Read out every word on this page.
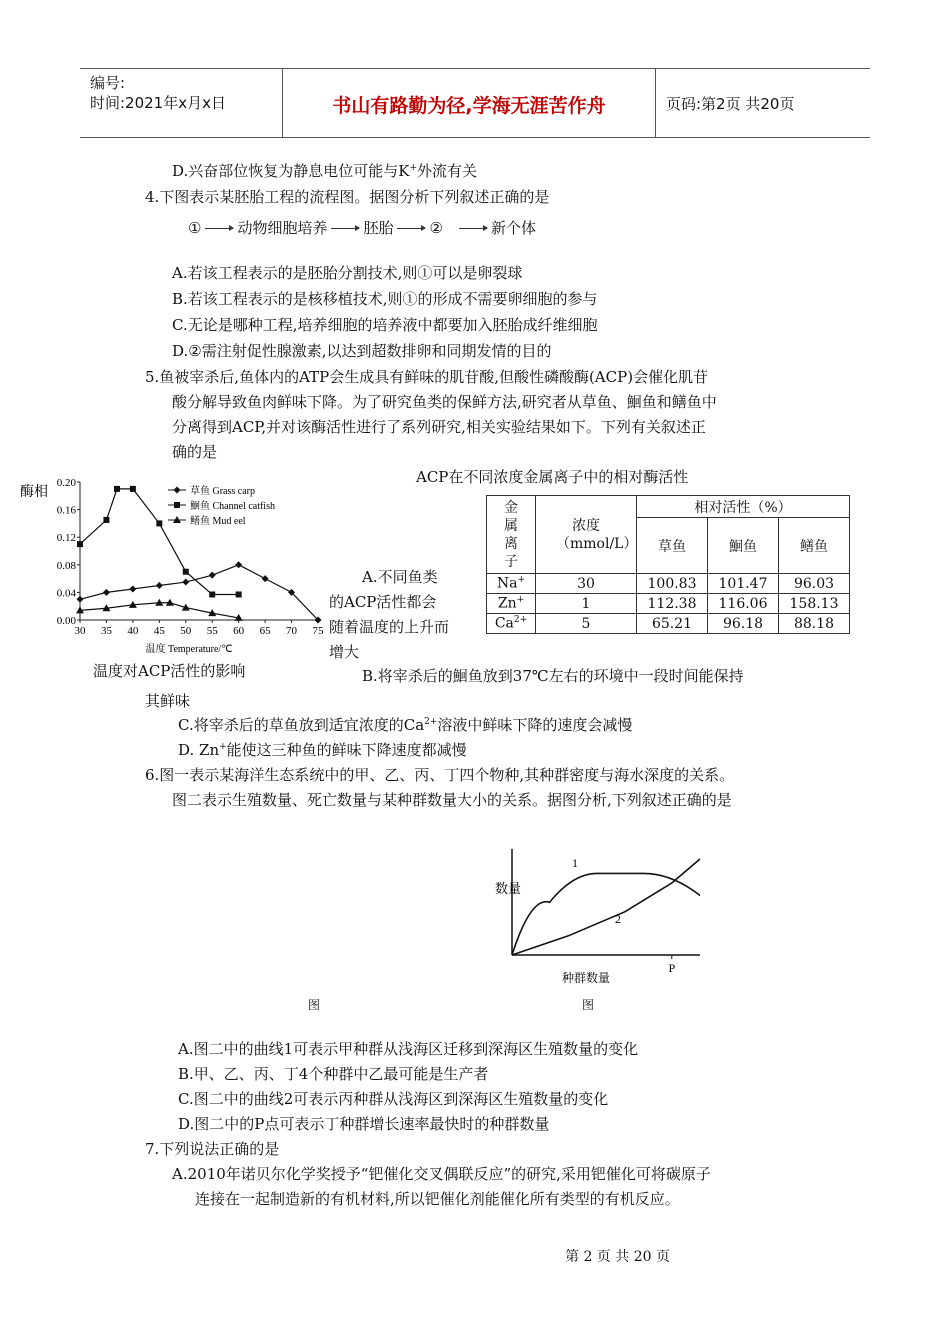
编号:
时间:2021年x月x日	书山有路勤为径,学海无涯苦作舟	页码:第2页 共20页
D.兴奋部位恢复为静息电位可能与K+外流有关
4.下图表示某胚胎工程的流程图。据图分析下列叙述正确的是
① 动物细胞培养 胚胎 ②	新个体
A.若该工程表示的是胚胎分割技术,则①可以是卵裂球
B.若该工程表示的是核移植技术,则①的形成不需要卵细胞的参与
C.无论是哪种工程,培养细胞的培养液中都要加入胚胎成纤维细胞
D.②需注射促性腺激素,以达到超数排卵和同期发情的目的
5.鱼被宰杀后,鱼体内的ATP会生成具有鲜味的肌苷酸,但酸性磷酸酶(ACP)会催化肌苷
酸分解导致鱼肉鲜味下降。为了研究鱼类的保鲜方法,研究者从草鱼、鮰鱼和鳝鱼中
分离得到ACP,并对该酶活性进行了系列研究,相关实验结果如下。下列有关叙述正
确的是
ACP在不同浓度金属离子中的相对酶活性
0.00
0.04
0.08
0.12
0.16
0.20
30 35 40 45 50 55 60 65 70 75
温度 Temperature/℃
酶相	草鱼 Grass carp
鮰鱼 Channel catfish
鳝鱼 Mud eel
温度对ACP活性的影响
A.不同鱼类
的ACP活性都会
随着温度的上升而
增大
金属离子	浓度（mmol/L）	相对活性（%）		
		草鱼	鮰鱼	鳝鱼
Na+	30	100.83	101.47	96.03
Zn+	1	112.38	116.06	158.13
$Ca^{2+}$	5	65.21	96.18	88.18
B.将宰杀后的鮰鱼放到37℃左右的环境中一段时间能保持
其鲜味
C.将宰杀后的草鱼放到适宜浓度的$Ca^{2+}$溶液中鲜味下降的速度会减慢
D. Zn+能使这三种鱼的鲜味下降速度都减慢
6.图一表示某海洋生态系统中的甲、乙、丙、丁四个物种,其种群密度与海水深度的关系。
图二表示生殖数量、死亡数量与某种群数量大小的关系。据图分析,下列叙述正确的是
数量
种群数量
P
1
2
图	图
A.图二中的曲线1可表示甲种群从浅海区迁移到深海区生殖数量的变化
B.甲、乙、丙、丁4个种群中乙最可能是生产者
C.图二中的曲线2可表示丙种群从浅海区到深海区生殖数量的变化
D.图二中的P点可表示丁种群增长速率最快时的种群数量
7.下列说法正确的是
A.2010年诺贝尔化学奖授予“钯催化交叉偶联反应”的研究,采用钯催化可将碳原子
连接在一起制造新的有机材料,所以钯催化剂能催化所有类型的有机反应。
第 2 页 共 20 页
